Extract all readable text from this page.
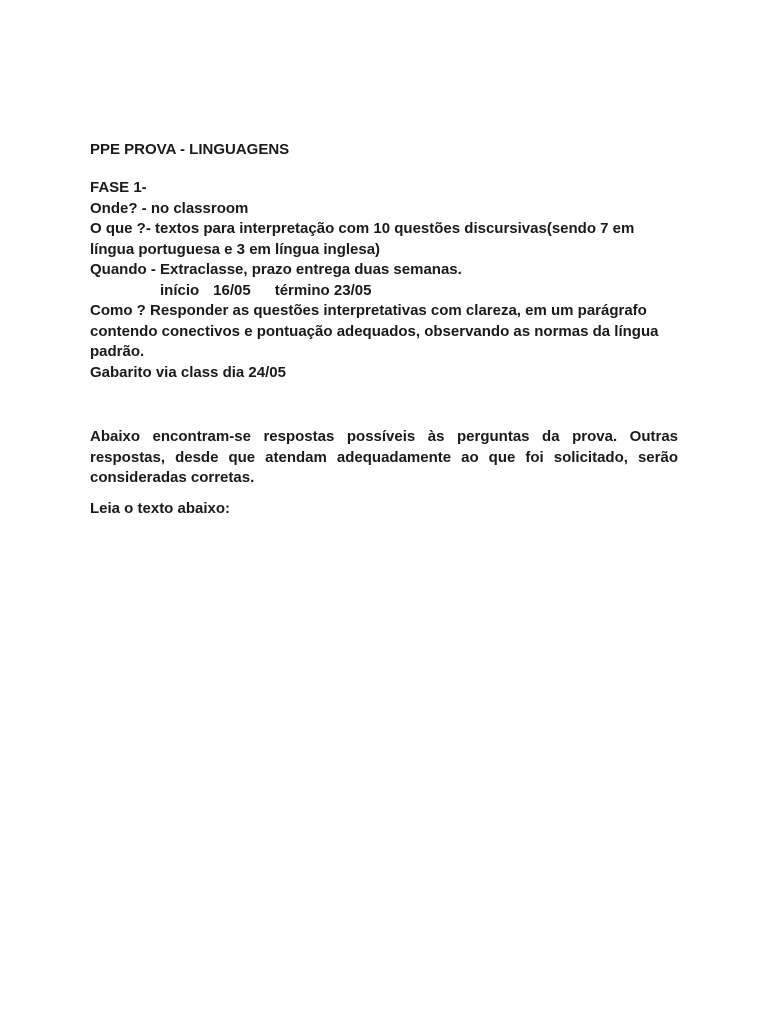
PPE PROVA - LINGUAGENS
FASE 1-
Onde? - no classroom
O que ?- textos para interpretação com 10 questões discursivas(sendo 7 em língua portuguesa e 3 em língua inglesa)
Quando - Extraclasse, prazo entrega duas semanas.
início 16/05 término 23/05
Como ? Responder as questões interpretativas com clareza, em um parágrafo contendo conectivos e pontuação adequados, observando as normas da língua padrão.
Gabarito via class dia 24/05
Abaixo encontram-se respostas possíveis às perguntas da prova. Outras respostas, desde que atendam adequadamente ao que foi solicitado, serão consideradas corretas.
Leia o texto abaixo:
